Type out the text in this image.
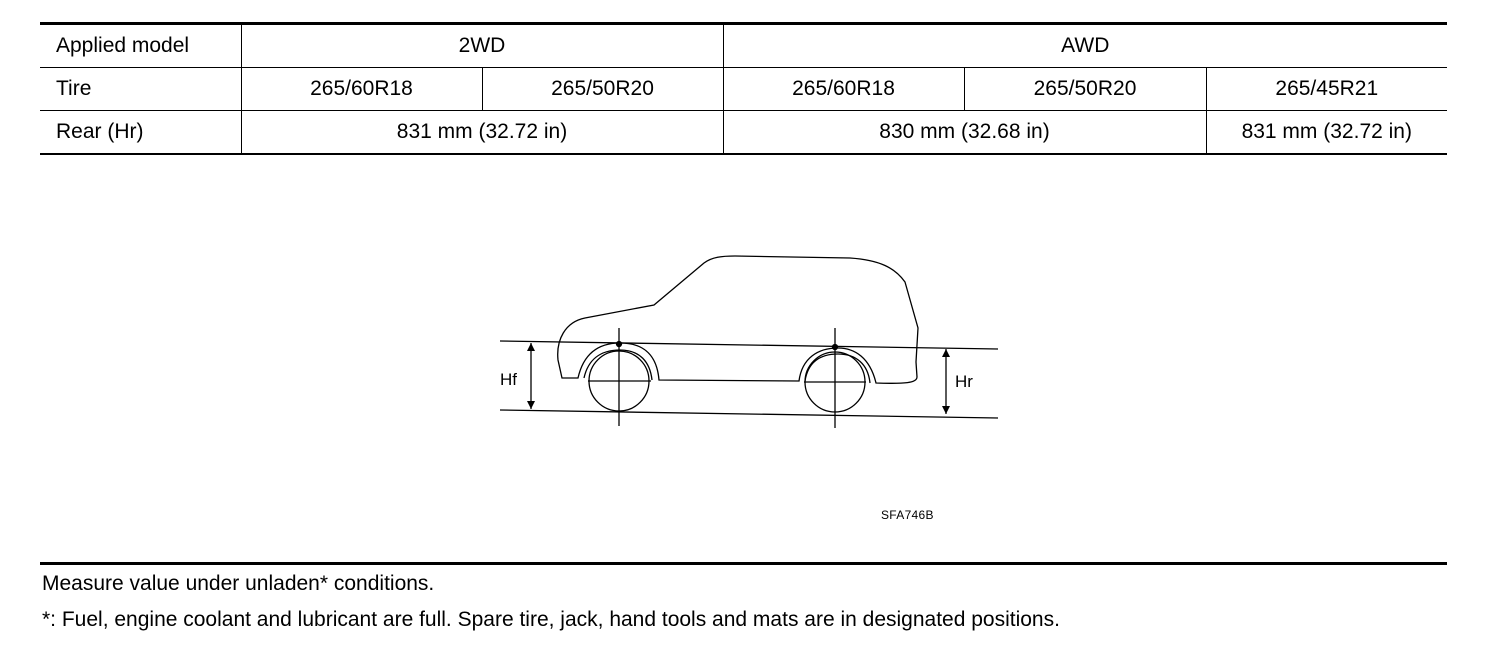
Applied model	2WD		AWD		
Tire	265/60R18	265/50R20	265/60R18	265/50R20	265/45R21
Rear (Hr)	831 mm (32.72 in)		830 mm (32.68 in)		831 mm (32.72 in)
Hf	Hr
SFA746B
Measure value under unladen* conditions.
*: Fuel, engine coolant and lubricant are full. Spare tire, jack, hand tools and mats are in designated positions.
